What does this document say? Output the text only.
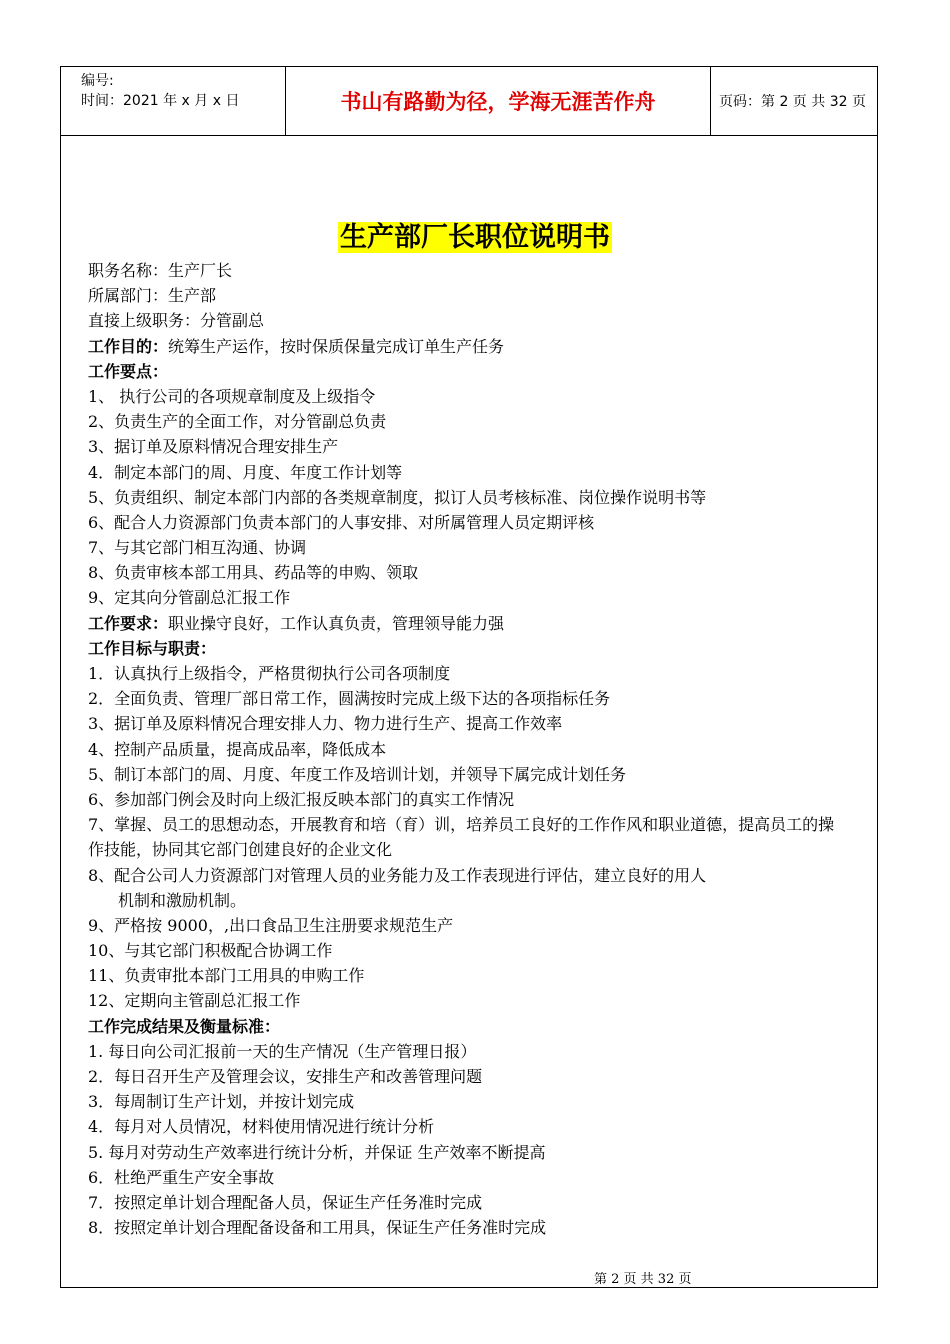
编号:
时间：2021 年 x 月 x 日	书山有路勤为径，学海无涯苦作舟	页码：第 2 页 共 32 页
生产部厂长职位说明书
职务名称：生产厂长
所属部门：生产部
直接上级职务：分管副总
工作目的：统筹生产运作，按时保质保量完成订单生产任务
工作要点：
1、 执行公司的各项规章制度及上级指令
2、负责生产的全面工作，对分管副总负责
3、据订单及原料情况合理安排生产
4．制定本部门的周、月度、年度工作计划等
5、负责组织、制定本部门内部的各类规章制度，拟订人员考核标准、岗位操作说明书等
6、配合人力资源部门负责本部门的人事安排、对所属管理人员定期评核
7、与其它部门相互沟通、协调
8、负责审核本部工用具、药品等的申购、领取
9、定其向分管副总汇报工作
工作要求：职业操守良好，工作认真负责，管理领导能力强
工作目标与职责：
1．认真执行上级指令，严格贯彻执行公司各项制度
2．全面负责、管理厂部日常工作，圆满按时完成上级下达的各项指标任务
3、据订单及原料情况合理安排人力、物力进行生产、提高工作效率
4、控制产品质量，提高成品率，降低成本
5、制订本部门的周、月度、年度工作及培训计划，并领导下属完成计划任务
6、参加部门例会及时向上级汇报反映本部门的真实工作情况
7、掌握、员工的思想动态，开展教育和培（育）训，培养员工良好的工作作风和职业道德，提高员工的操作技能，协同其它部门创建良好的企业文化
8、配合公司人力资源部门对管理人员的业务能力及工作表现进行评估，建立良好的用人
机制和激励机制。
9、严格按 9000，,出口食品卫生注册要求规范生产
10、与其它部门积极配合协调工作
11、负责审批本部门工用具的申购工作
12、定期向主管副总汇报工作
工作完成结果及衡量标准：
1. 每日向公司汇报前一天的生产情况（生产管理日报）
2．每日召开生产及管理会议，安排生产和改善管理问题
3．每周制订生产计划，并按计划完成
4．每月对人员情况，材料使用情况进行统计分析
5. 每月对劳动生产效率进行统计分析，并保证 生产效率不断提高
6．杜绝严重生产安全事故
7．按照定单计划合理配备人员，保证生产任务准时完成
8．按照定单计划合理配备设备和工用具，保证生产任务准时完成
第 2 页 共 32 页
